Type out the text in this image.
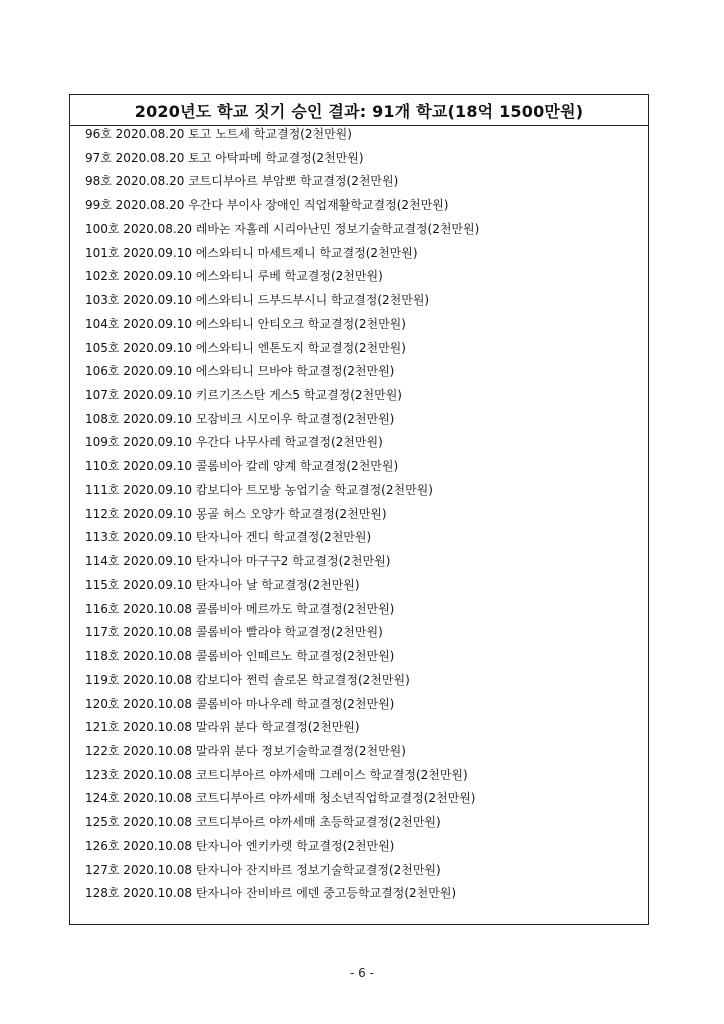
2020년도 학교 짓기 승인 결과: 91개 학교(18억 1500만원)
96호 2020.08.20 토고 노트세 학교결정(2천만원)
97호 2020.08.20 토고 아탁파메 학교결정(2천만원)
98호 2020.08.20 코트디부아르 부암뽀 학교결정(2천만원)
99호 2020.08.20 우간다 부이사 장애인 직업재활학교결정(2천만원)
100호 2020.08.20 레바논 자홀레 시리아난민 정보기술학교결정(2천만원)
101호 2020.09.10 에스와티니 마세트제니 학교결정(2천만원)
102호 2020.09.10 에스와티니 루베 학교결정(2천만원)
103호 2020.09.10 에스와티니 드부드부시니 학교결정(2천만원)
104호 2020.09.10 에스와티니 안티오크 학교결정(2천만원)
105호 2020.09.10 에스와티니 엔톤도지 학교결정(2천만원)
106호 2020.09.10 에스와티니 므바야 학교결정(2천만원)
107호 2020.09.10 키르기즈스탄 게스5 학교결정(2천만원)
108호 2020.09.10 모잠비크 시모이우 학교결정(2천만원)
109호 2020.09.10 우간다 나무사레 학교결정(2천만원)
110호 2020.09.10 콜롬비아 칼레 양계 학교결정(2천만원)
111호 2020.09.10 캄보디아 트모방 농업기술 학교결정(2천만원)
112호 2020.09.10 몽골 허스 오양가 학교결정(2천만원)
113호 2020.09.10 탄자니아 겐디 학교결정(2천만원)
114호 2020.09.10 탄자니아 마구구2 학교결정(2천만원)
115호 2020.09.10 탄자니아 날 학교결정(2천만원)
116호 2020.10.08 콜롬비아 메르까도 학교결정(2천만원)
117호 2020.10.08 콜롬비아 빨라야 학교결정(2천만원)
118호 2020.10.08 콜롬비아 인떼르노 학교결정(2천만원)
119호 2020.10.08 캄보디아 쩐럭 솔로몬 학교결정(2천만원)
120호 2020.10.08 콜롬비아 마나우레 학교결정(2천만원)
121호 2020.10.08 말라위 분다 학교결정(2천만원)
122호 2020.10.08 말라위 분다 정보기술학교결정(2천만원)
123호 2020.10.08 코트디부아르 야까세매 그레이스 학교결정(2천만원)
124호 2020.10.08 코트디부아르 야까세매 청소년직업학교결정(2천만원)
125호 2020.10.08 코트디부아르 야까세매 초등학교결정(2천만원)
126호 2020.10.08 탄자니아 엔키카렛 학교결정(2천만원)
127호 2020.10.08 탄자니아 잔지바르 정보기술학교결정(2천만원)
128호 2020.10.08 탄자니아 잔비바르 에덴 중고등학교결정(2천만원)
- 6 -
